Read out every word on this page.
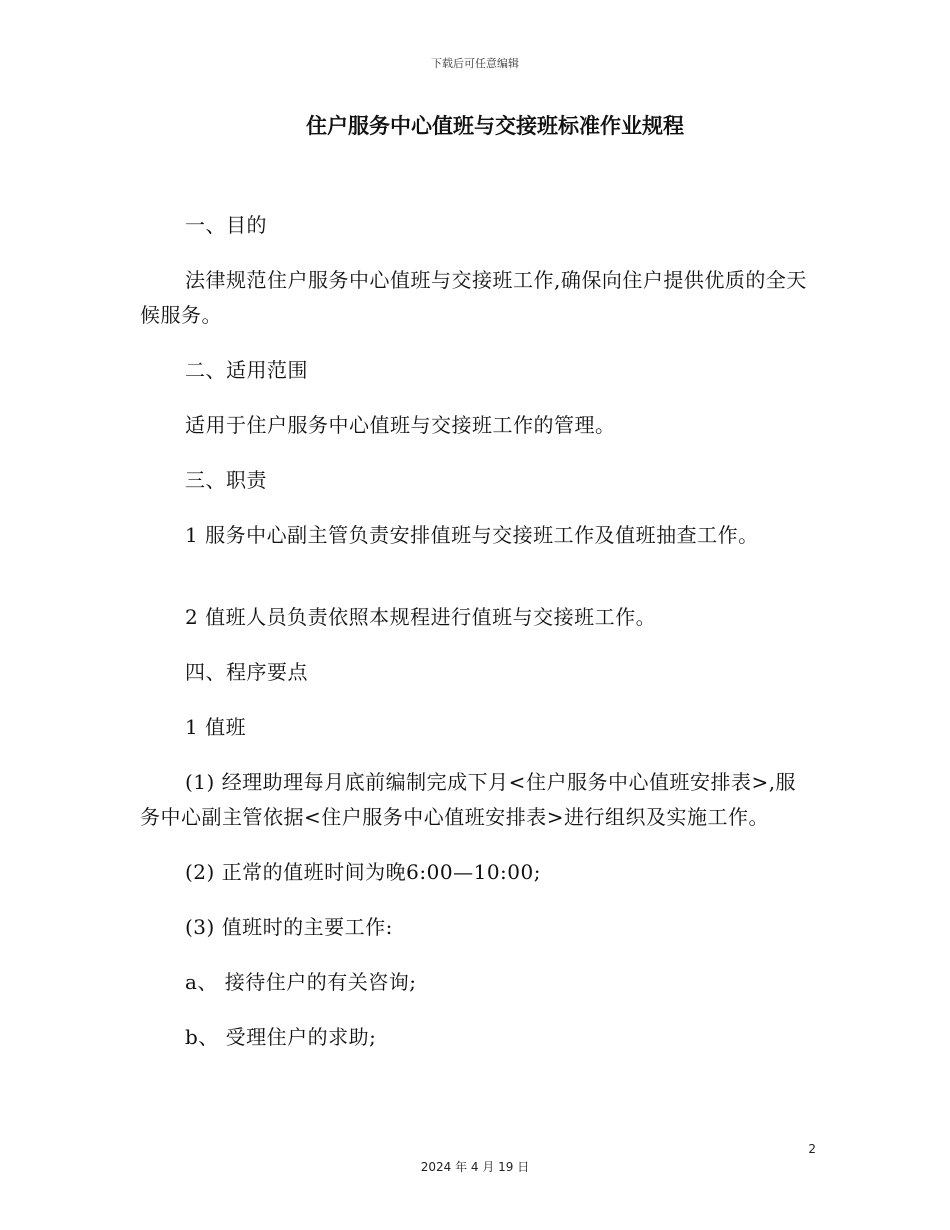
下载后可任意编辑
住户服务中心值班与交接班标准作业规程

一、目的

法律规范住户服务中心值班与交接班工作,确保向住户提供优质的全天候服务。

二、适用范围

适用于住户服务中心值班与交接班工作的管理。

三、职责

1 服务中心副主管负责安排值班与交接班工作及值班抽查工作。

2 值班人员负责依照本规程进行值班与交接班工作。

四、程序要点

1 值班

(1) 经理助理每月底前编制完成下月<住户服务中心值班安排表>,服务中心副主管依据<住户服务中心值班安排表>进行组织及实施工作。

(2) 正常的值班时间为晚6:00—10:00;

(3) 值班时的主要工作:

a、 接待住户的有关咨询;

b、 受理住户的求助;

2
2024 年 4 月 19 日
